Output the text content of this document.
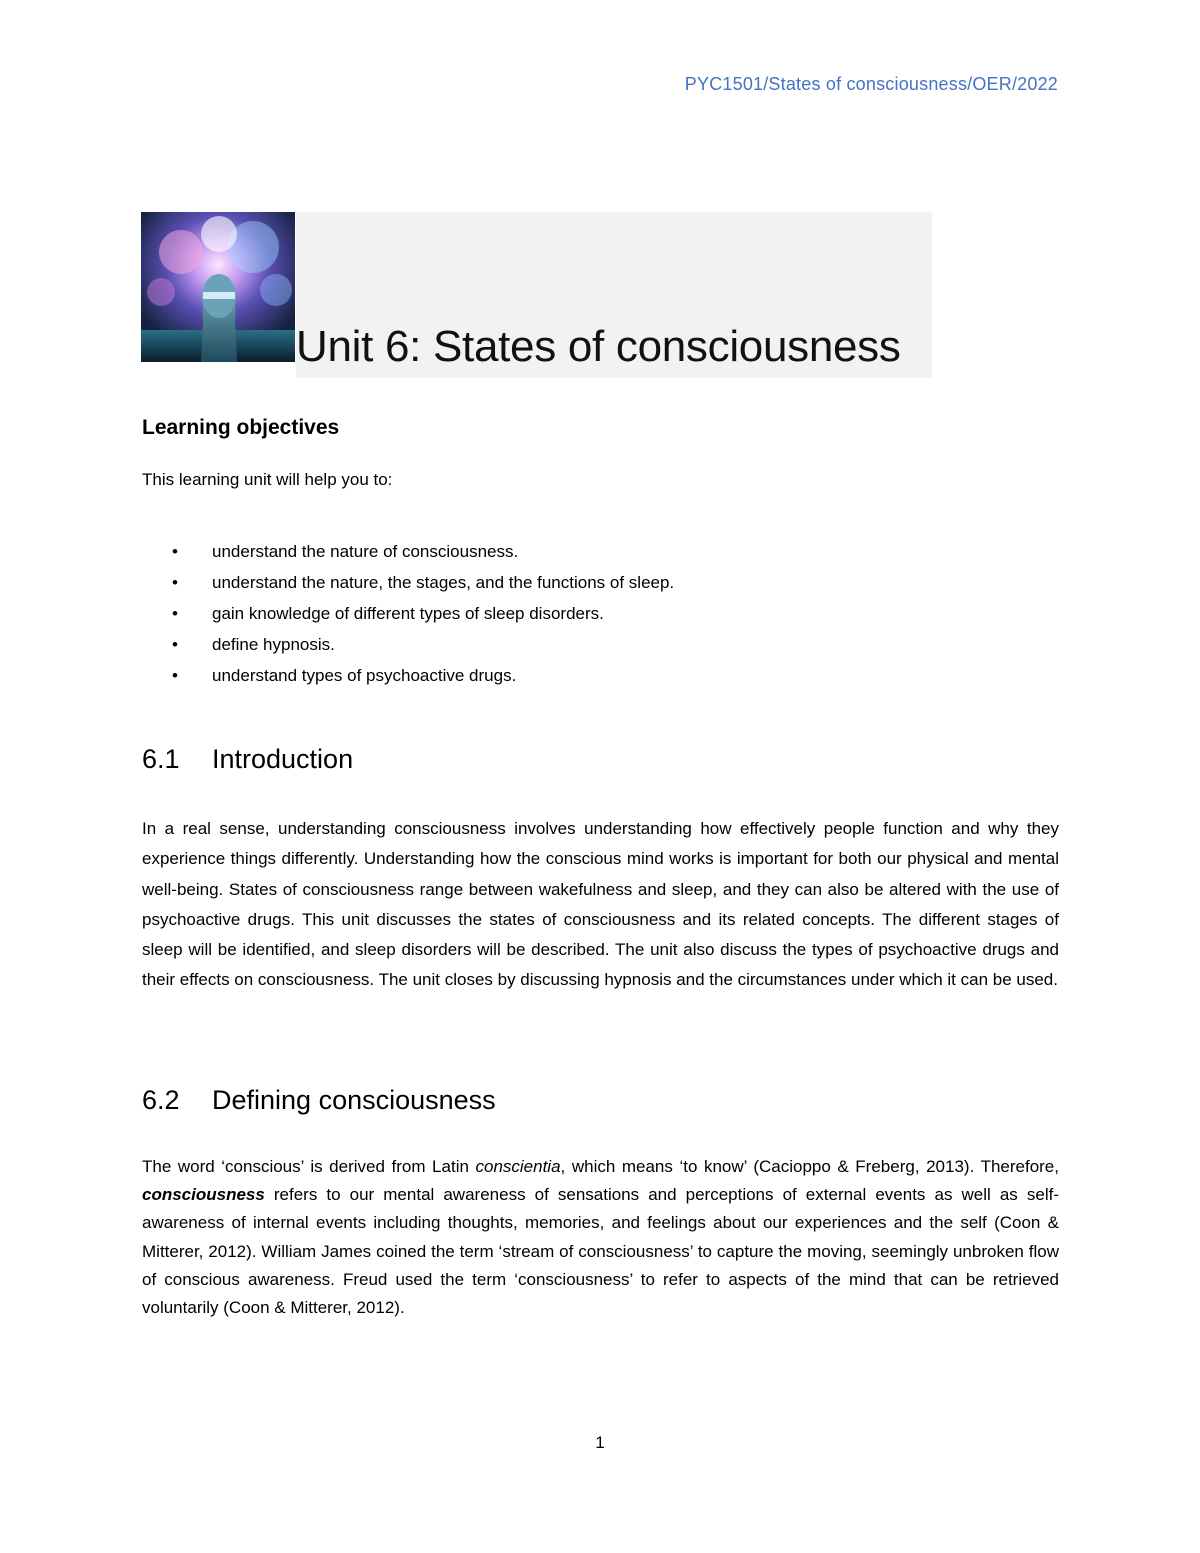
PYC1501/States of consciousness/OER/2022
Unit 6: States of consciousness
Learning objectives
This learning unit will help you to:
• understand the nature of consciousness.
• understand the nature, the stages, and the functions of sleep.
• gain knowledge of different types of sleep disorders.
• define hypnosis.
• understand types of psychoactive drugs.
6.1	Introduction

In a real sense, understanding consciousness involves understanding how effectively people function and why they experience things differently. Understanding how the conscious mind works is important for both our physical and mental well-being. States of consciousness range between wakefulness and sleep, and they can also be altered with the use of psychoactive drugs. This unit discusses the states of consciousness and its related concepts. The different stages of sleep will be identified, and sleep disorders will be described. The unit also discuss the types of psychoactive drugs and their effects on consciousness. The unit closes by discussing hypnosis and the circumstances under which it can be used.

6.2	Defining consciousness

The word ‘conscious’ is derived from Latin conscientia, which means ‘to know’ (Cacioppo & Freberg, 2013). Therefore, consciousness refers to our mental awareness of sensations and perceptions of external events as well as self-awareness of internal events including thoughts, memories, and feelings about our experiences and the self (Coon & Mitterer, 2012). William James coined the term ‘stream of consciousness’ to capture the moving, seemingly unbroken flow of conscious awareness. Freud used the term ‘consciousness’ to refer to aspects of the mind that can be retrieved voluntarily (Coon & Mitterer, 2012).

1
